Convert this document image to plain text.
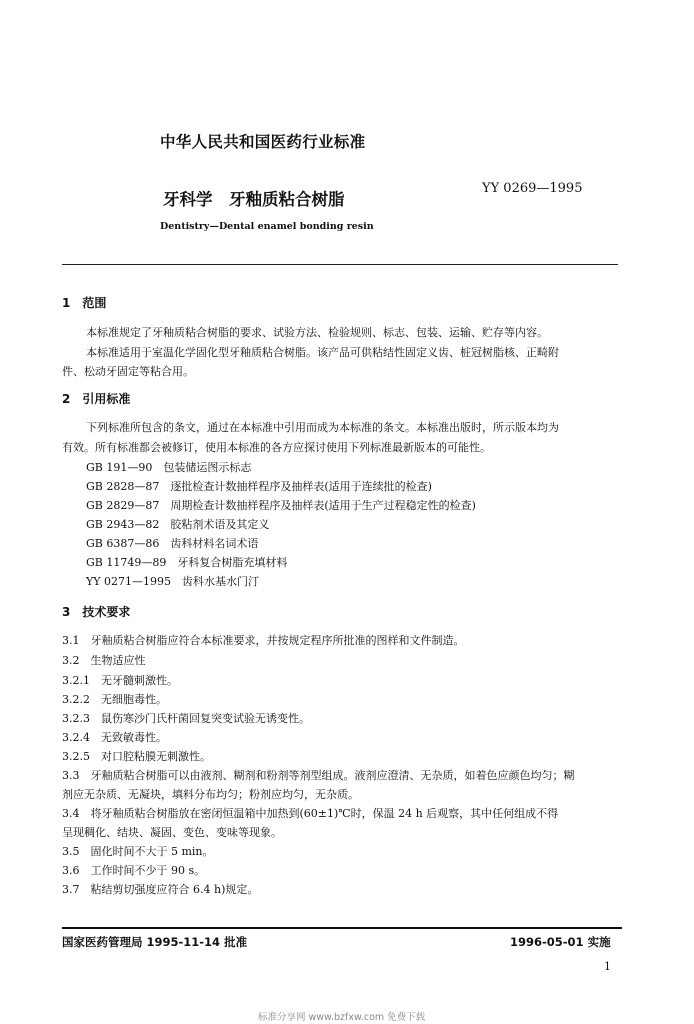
中华人民共和国医药行业标准
牙科学　牙釉质粘合树脂
YY 0269—1995
Dentistry—Dental enamel bonding resin
1　范围
本标准规定了牙釉质粘合树脂的要求、试验方法、检验规则、标志、包装、运输、贮存等内容。
本标准适用于室温化学固化型牙釉质粘合树脂。该产品可供粘结性固定义齿、桩冠树脂核、正畸附
件、松动牙固定等粘合用。
2　引用标准
下列标准所包含的条文，通过在本标准中引用而成为本标准的条文。本标准出版时，所示版本均为
有效。所有标准都会被修订，使用本标准的各方应探讨使用下列标准最新版本的可能性。
GB 191—90　包装储运图示标志
GB 2828—87　逐批检查计数抽样程序及抽样表(适用于连续批的检查)
GB 2829—87　周期检查计数抽样程序及抽样表(适用于生产过程稳定性的检查)
GB 2943—82　胶粘剂术语及其定义
GB 6387—86　齿科材料名词术语
GB 11749—89　牙科复合树脂充填材料
YY 0271—1995　齿科水基水门汀
3　技术要求
3.1　牙釉质粘合树脂应符合本标准要求，并按规定程序所批准的图样和文件制造。
3.2　生物适应性
3.2.1　无牙髓刺激性。
3.2.2　无细胞毒性。
3.2.3　鼠伤寒沙门氏杆菌回复突变试验无诱变性。
3.2.4　无致敏毒性。
3.2.5　对口腔粘膜无刺激性。
3.3　牙釉质粘合树脂可以由液剂、糊剂和粉剂等剂型组成。液剂应澄清、无杂质，如着色应颜色均匀；糊
剂应无杂质、无凝块，填料分布均匀；粉剂应均匀，无杂质。
3.4　将牙釉质粘合树脂放在密闭恒温箱中加热到(60±1)℃时，保温 24 h 后观察，其中任何组成不得
呈现稠化、结块、凝固、变色、变味等现象。
3.5　固化时间不大于 5 min。
3.6　工作时间不少于 90 s。
3.7　粘结剪切强度应符合 6.4 h)规定。
国家医药管理局 1995-11-14 批准	1996-05-01 实施
1
标准分享网 www.bzfxw.com 免费下载
